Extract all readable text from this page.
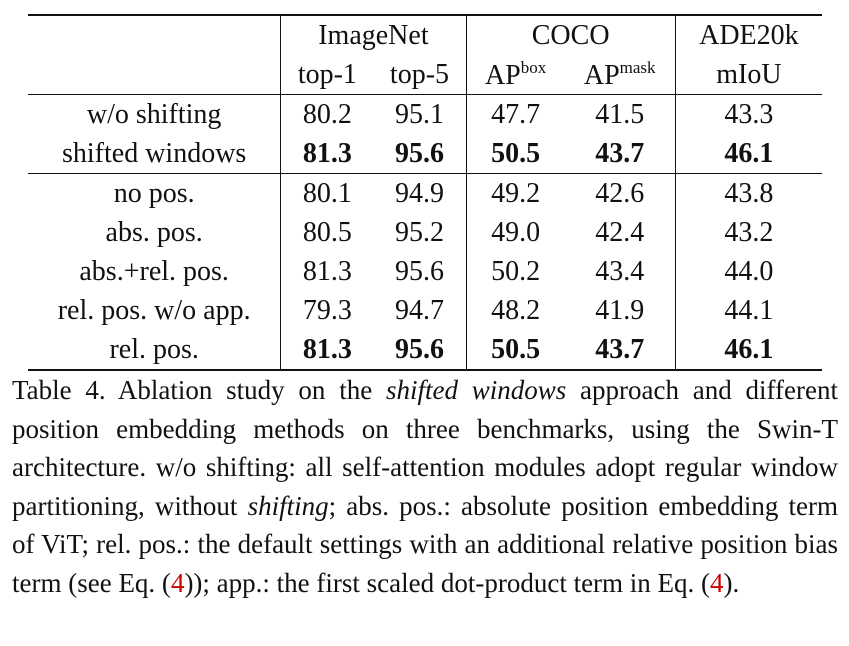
	ImageNet		COCO		ADE20k
	top-1	top-5	$AP^{box}$	$AP^{mask}$	mIoU
w/o shifting	80.2	95.1	47.7	41.5	43.3
shifted windows	81.3	95.6	50.5	43.7	46.1
no pos.	80.1	94.9	49.2	42.6	43.8
abs. pos.	80.5	95.2	49.0	42.4	43.2
abs.+rel. pos.	81.3	95.6	50.2	43.4	44.0
rel. pos. w/o app.	79.3	94.7	48.2	41.9	44.1
rel. pos.	81.3	95.6	50.5	43.7	46.1
Table 4. Ablation study on the shifted windows approach and different position embedding methods on three benchmarks, using the Swin-T architecture. w/o shifting: all self-attention modules adopt regular window partitioning, without shifting; abs. pos.: absolute position embedding term of ViT; rel. pos.: the default settings with an additional relative position bias term (see Eq. (4)); app.: the first scaled dot-product term in Eq. (4).
